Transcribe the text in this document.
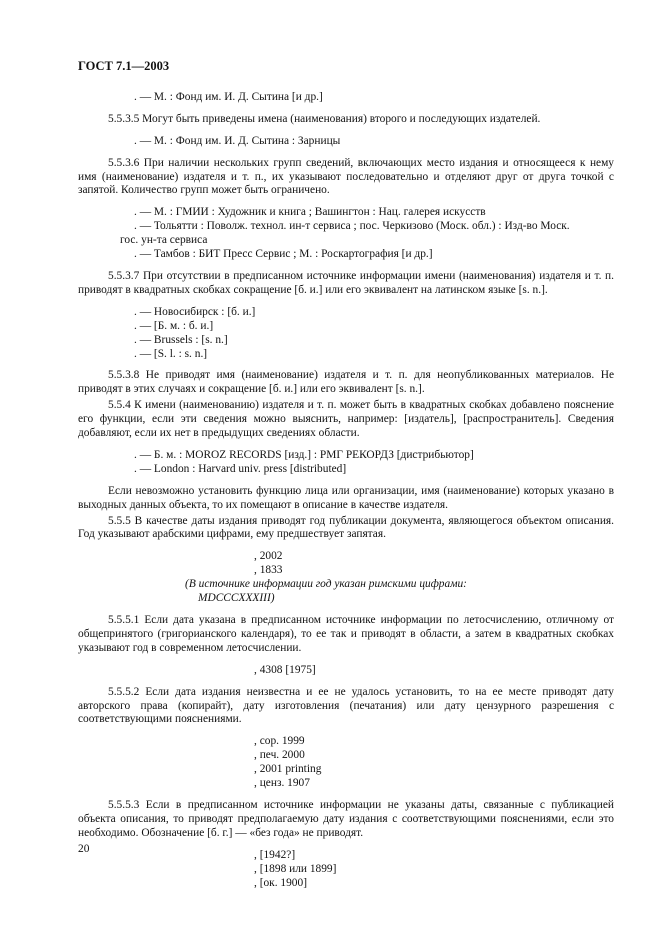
ГОСТ 7.1—2003
. — М. : Фонд им. И. Д. Сытина [и др.]

5.5.3.5 Могут быть приведены имена (наименования) второго и последующих издателей.

. — М. : Фонд им. И. Д. Сытина : Зарницы

5.5.3.6 При наличии нескольких групп сведений, включающих место издания и относящееся к нему имя (наименование) издателя и т. п., их указывают последовательно и отделяют друг от друга точкой с запятой. Количество групп может быть ограничено.

. — М. : ГМИИ : Художник и книга ; Вашингтон : Нац. галерея искусств
. — Тольятти : Поволж. технол. ин-т сервиса ; пос. Черкизово (Моск. обл.) : Изд-во Моск.
гос. ун-та сервиса
. — Тамбов : БИТ Пресс Сервис ; М. : Роскартография [и др.]

5.5.3.7 При отсутствии в предписанном источнике информации имени (наименования) издателя и т. п. приводят в квадратных скобках сокращение [б. и.] или его эквивалент на латинском языке [s. n.].

. — Новосибирск : [б. и.]
. — [Б. м. : б. и.]
. — Brussels : [s. n.]
. — [S. l. : s. n.]

5.5.3.8 Не приводят имя (наименование) издателя и т. п. для неопубликованных материалов. Не приводят в этих случаях и сокращение [б. и.] или его эквивалент [s. n.].

5.5.4 К имени (наименованию) издателя и т. п. может быть в квадратных скобках добавлено пояснение его функции, если эти сведения можно выяснить, например: [издатель], [распространитель]. Сведения добавляют, если их нет в предыдущих сведениях области.

. — Б. м. : MOROZ RECORDS [изд.] : РМГ РЕКОРДЗ [дистрибьютор]
. — London : Harvard univ. press [distributed]

Если невозможно установить функцию лица или организации, имя (наименование) которых указано в выходных данных объекта, то их помещают в описание в качестве издателя.

5.5.5 В качестве даты издания приводят год публикации документа, являющегося объектом описания. Год указывают арабскими цифрами, ему предшествует запятая.

, 2002
, 1833
(В источнике информации год указан римскими цифрами:
MDCCCXXXIII)

5.5.5.1 Если дата указана в предписанном источнике информации по летосчислению, отличному от общепринятого (григорианского календаря), то ее так и приводят в области, а затем в квадратных скобках указывают год в современном летосчислении.

, 4308 [1975]

5.5.5.2 Если дата издания неизвестна и ее не удалось установить, то на ее месте приводят дату авторского права (копирайт), дату изготовления (печатания) или дату цензурного разрешения с соответствующими пояснениями.

, сор. 1999
, печ. 2000
, 2001 printing
, ценз. 1907

5.5.5.3 Если в предписанном источнике информации не указаны даты, связанные с публикацией объекта описания, то приводят предполагаемую дату издания с соответствующими пояснениями, если это необходимо. Обозначение [б. г.] — «без года» не приводят.

, [1942?]
, [1898 или 1899]
, [ок. 1900]
20
